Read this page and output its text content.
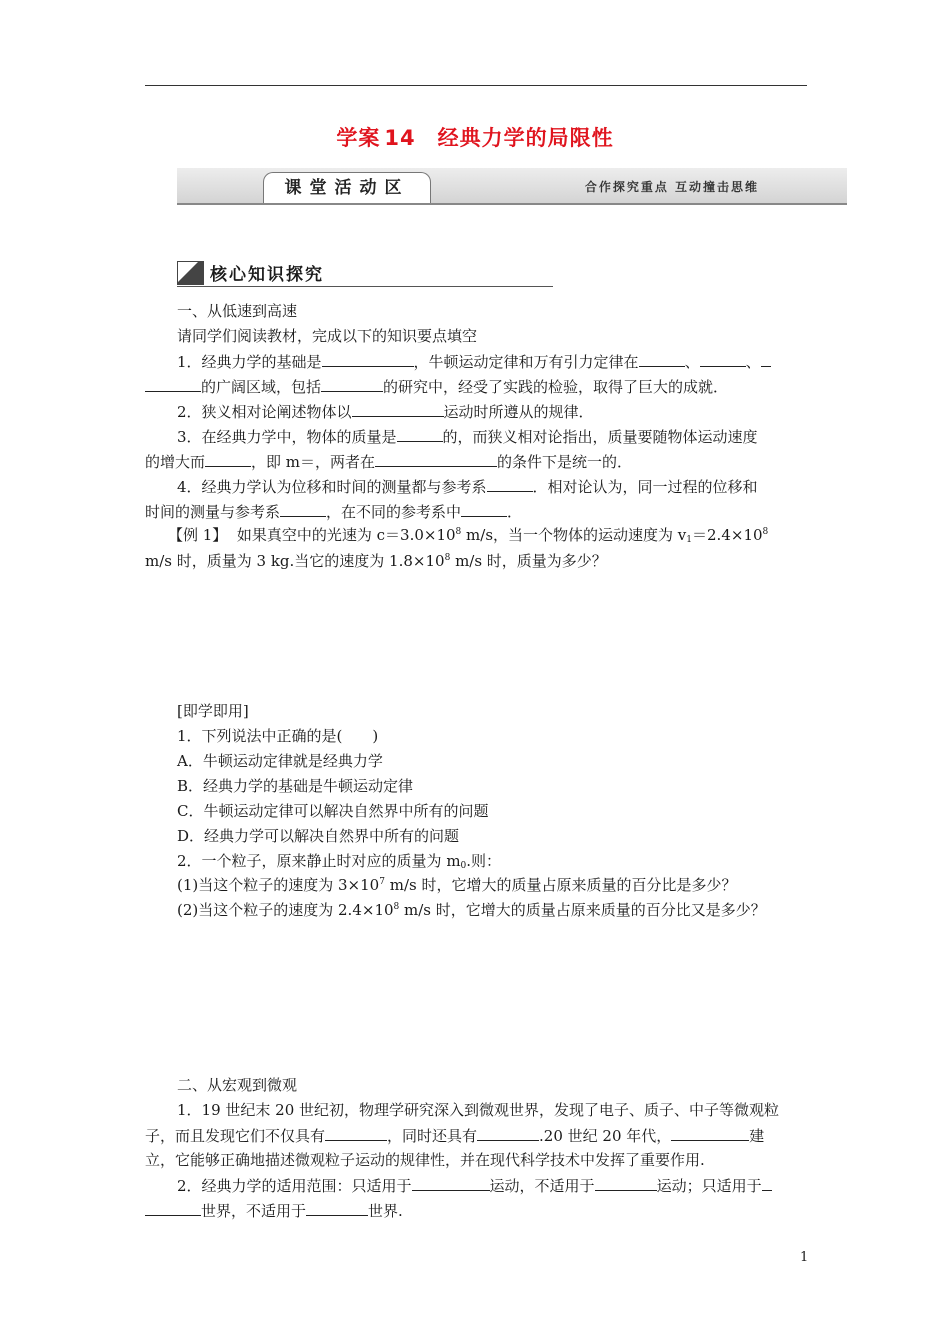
学案 14 经典力学的局限性
课堂活动区	合作探究重点 互动撞击思维
核心知识探究
一、从低速到高速
请同学们阅读教材，完成以下的知识要点填空
1．经典力学的基础是	，牛顿运动定律和万有引力定律在	、	、
的广阔区域，包括	的研究中，经受了实践的检验，取得了巨大的成就．
2．狭义相对论阐述物体以	运动时所遵从的规律．
3．在经典力学中，物体的质量是	的，而狭义相对论指出，质量要随物体运动速度
的增大而	，即 m＝，两者在	的条件下是统一的．
4．经典力学认为位移和时间的测量都与参考系	．相对论认为，同一过程的位移和
时间的测量与参考系	，在不同的参考系中	．
【例 1】 如果真空中的光速为 $c=3.0\times 10^8$ m/s，当一个物体的运动速度为 $v_1=2.4\times 10^8$
m/s 时，质量为 3 kg.当它的速度为 $1.8\times 10^8$ m/s 时，质量为多少？
[即学即用]
1．下列说法中正确的是(　　)
A．牛顿运动定律就是经典力学
B．经典力学的基础是牛顿运动定律
C．牛顿运动定律可以解决自然界中所有的问题
D．经典力学可以解决自然界中所有的问题
2．一个粒子，原来静止时对应的质量为 $m_0$.则：
(1)当这个粒子的速度为 $3\times 10^7$ m/s 时，它增大的质量占原来质量的百分比是多少？
(2)当这个粒子的速度为 $2.4\times 10^8$ m/s 时，它增大的质量占原来质量的百分比又是多少？
二、从宏观到微观
1．19 世纪末 20 世纪初，物理学研究深入到微观世界，发现了电子、质子、中子等微观粒
子，而且发现它们不仅具有	，同时还具有	.20 世纪 20 年代，	建
立，它能够正确地描述微观粒子运动的规律性，并在现代科学技术中发挥了重要作用.
2．经典力学的适用范围：只适用于	运动，不适用于	运动；只适用于
世界，不适用于	世界.
1
